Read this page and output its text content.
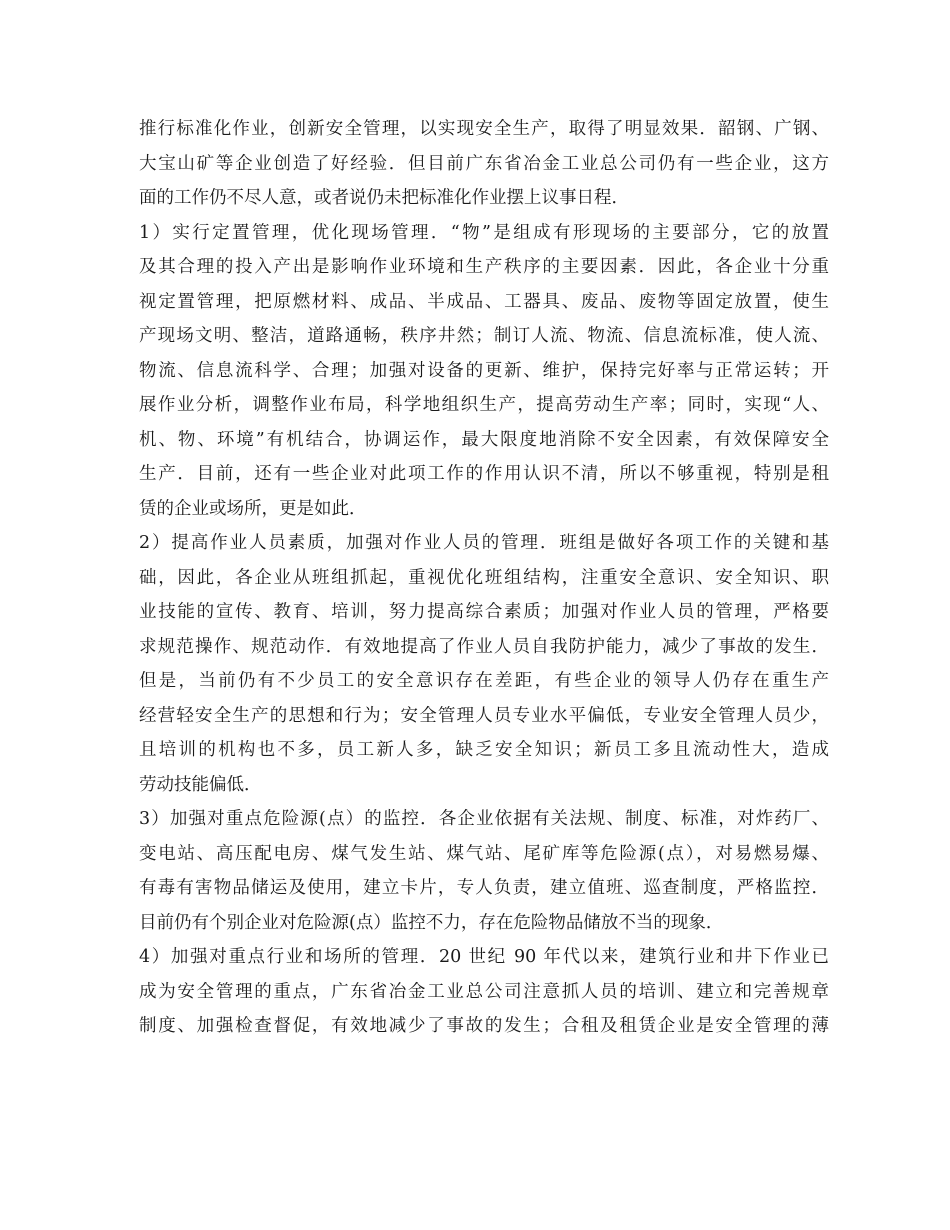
推行标准化作业，创新安全管理，以实现安全生产，取得了明显效果．韶钢、广钢、
大宝山矿等企业创造了好经验．但目前广东省冶金工业总公司仍有一些企业，这方
面的工作仍不尽人意，或者说仍未把标准化作业摆上议事日程．
1）实行定置管理，优化现场管理．“物”是组成有形现场的主要部分，它的放置
及其合理的投入产出是影响作业环境和生产秩序的主要因素．因此，各企业十分重
视定置管理，把原燃材料、成品、半成品、工器具、废品、废物等固定放置，使生
产现场文明、整洁，道路通畅，秩序井然；制订人流、物流、信息流标准，使人流、
物流、信息流科学、合理；加强对设备的更新、维护，保持完好率与正常运转；开
展作业分析，调整作业布局，科学地组织生产，提高劳动生产率；同时，实现“人、
机、物、环境”有机结合，协调运作，最大限度地消除不安全因素，有效保障安全
生产．目前，还有一些企业对此项工作的作用认识不清，所以不够重视，特别是租
赁的企业或场所，更是如此．
2）提高作业人员素质，加强对作业人员的管理．班组是做好各项工作的关键和基
础，因此，各企业从班组抓起，重视优化班组结构，注重安全意识、安全知识、职
业技能的宣传、教育、培训，努力提高综合素质；加强对作业人员的管理，严格要
求规范操作、规范动作．有效地提高了作业人员自我防护能力，减少了事故的发生．
但是，当前仍有不少员工的安全意识存在差距，有些企业的领导人仍存在重生产
经营轻安全生产的思想和行为；安全管理人员专业水平偏低，专业安全管理人员少，
且培训的机构也不多，员工新人多，缺乏安全知识；新员工多且流动性大，造成
劳动技能偏低．
3）加强对重点危险源(点）的监控．各企业依据有关法规、制度、标准，对炸药厂、
变电站、高压配电房、煤气发生站、煤气站、尾矿库等危险源(点），对易燃易爆、
有毒有害物品储运及使用，建立卡片，专人负责，建立值班、巡查制度，严格监控．
目前仍有个别企业对危险源(点）监控不力，存在危险物品储放不当的现象．
4）加强对重点行业和场所的管理．20 世纪 90 年代以来，建筑行业和井下作业已
成为安全管理的重点，广东省冶金工业总公司注意抓人员的培训、建立和完善规章
制度、加强检查督促，有效地减少了事故的发生；合租及租赁企业是安全管理的薄
